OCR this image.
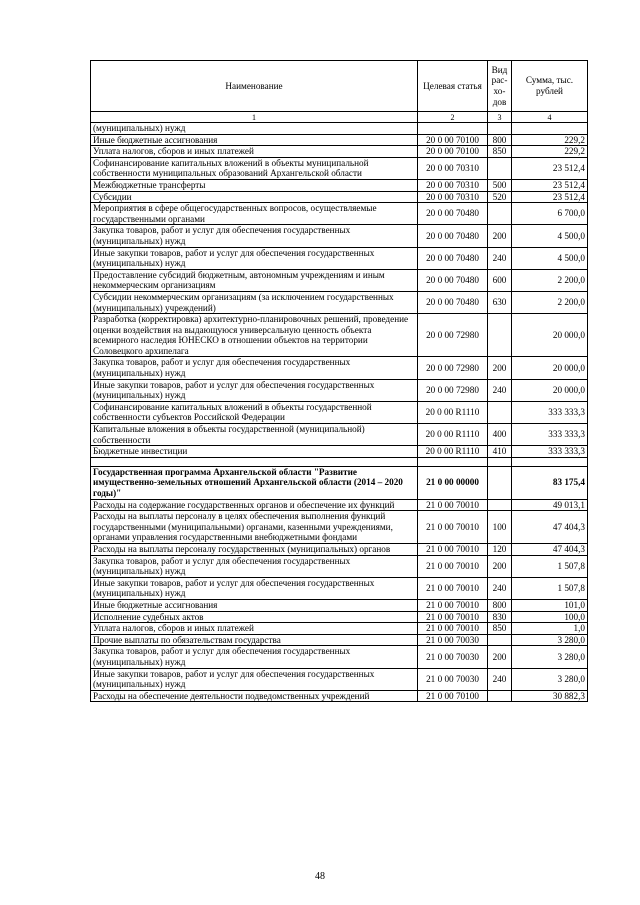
Наименование	Целевая статья	Вид рас-хо-дов	Сумма, тыс. рублей
1	2	3	4
(муниципальных) нужд			
Иные бюджетные ассигнования	20 0 00 70100	800	229,2
Уплата налогов, сборов и иных платежей	20 0 00 70100	850	229,2
Софинансирование капитальных вложений в объекты муниципальной собственности муниципальных образований Архангельской области	20 0 00 70310		23 512,4
Межбюджетные трансферты	20 0 00 70310	500	23 512,4
Субсидии	20 0 00 70310	520	23 512,4
Мероприятия в сфере общегосударственных вопросов, осуществляемые государственными органами	20 0 00 70480		6 700,0
Закупка товаров, работ и услуг для обеспечения государственных (муниципальных) нужд	20 0 00 70480	200	4 500,0
Иные закупки товаров, работ и услуг для обеспечения государственных (муниципальных) нужд	20 0 00 70480	240	4 500,0
Предоставление субсидий бюджетным, автономным учреждениям и иным некоммерческим организациям	20 0 00 70480	600	2 200,0
Субсидии некоммерческим организациям (за исключением государственных (муниципальных) учреждений)	20 0 00 70480	630	2 200,0
Разработка (корректировка) архитектурно-планировочных решений, проведение оценки воздействия на выдающуюся универсальную ценность объекта всемирного наследия ЮНЕСКО в отношении объектов на территории Соловецкого архипелага	20 0 00 72980		20 000,0
Закупка товаров, работ и услуг для обеспечения государственных (муниципальных) нужд	20 0 00 72980	200	20 000,0
Иные закупки товаров, работ и услуг для обеспечения государственных (муниципальных) нужд	20 0 00 72980	240	20 000,0
Софинансирование капитальных вложений в объекты государственной собственности субъектов Российской Федерации	20 0 00 R1110		333 333,3
Капитальные вложения в объекты государственной (муниципальной) собственности	20 0 00 R1110	400	333 333,3
Бюджетные инвестиции	20 0 00 R1110	410	333 333,3

Государственная программа Архангельской области "Развитие имущественно-земельных отношений Архангельской области (2014 – 2020 годы)"	21 0 00 00000		83 175,4
Расходы на содержание государственных органов и обеспечение их функций	21 0 00 70010		49 013,1
Расходы на выплаты персоналу в целях обеспечения выполнения функций государственными (муниципальными) органами, казенными учреждениями, органами управления государственными внебюджетными фондами	21 0 00 70010	100	47 404,3
Расходы на выплаты персоналу государственных (муниципальных) органов	21 0 00 70010	120	47 404,3
Закупка товаров, работ и услуг для обеспечения государственных (муниципальных) нужд	21 0 00 70010	200	1 507,8
Иные закупки товаров, работ и услуг для обеспечения государственных (муниципальных) нужд	21 0 00 70010	240	1 507,8
Иные бюджетные ассигнования	21 0 00 70010	800	101,0
Исполнение судебных актов	21 0 00 70010	830	100,0
Уплата налогов, сборов и иных платежей	21 0 00 70010	850	1,0
Прочие выплаты по обязательствам государства	21 0 00 70030		3 280,0
Закупка товаров, работ и услуг для обеспечения государственных (муниципальных) нужд	21 0 00 70030	200	3 280,0
Иные закупки товаров, работ и услуг для обеспечения государственных (муниципальных) нужд	21 0 00 70030	240	3 280,0
Расходы на обеспечение деятельности подведомственных учреждений	21 0 00 70100		30 882,3
48
